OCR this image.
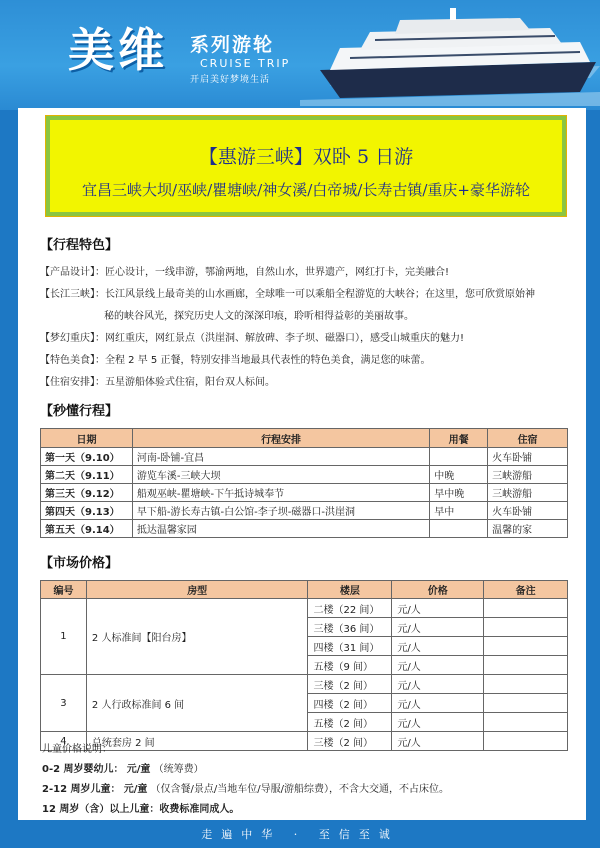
美维 系列游轮
CRUISE TRIP
开启美好梦境生活
【惠游三峡】双卧 5 日游
宜昌三峡大坝/巫峡/瞿塘峡/神女溪/白帝城/长寿古镇/重庆+豪华游轮
【行程特色】
【产品设计】： 匠心设计，一线串游，鄂渝两地，自然山水，世界遗产，网红打卡，完美融合!
【长江三峡】： 长江风景线上最奇美的山水画廊，全球唯一可以乘船全程游览的大峡谷；在这里，您可欣赏原始神
秘的峡谷风光，探究历史人文的深深印痕，聆听相得益彰的美丽故事。
【梦幻重庆】： 网红重庆，网红景点（洪崖洞、解放碑、李子坝、磁器口），感受山城重庆的魅力!
【特色美食】： 全程 2 早 5 正餐，特别安排当地最具代表性的特色美食，满足您的味蕾。
【住宿安排】： 五星游船体验式住宿，阳台双人标间。
【秒懂行程】
日期	行程安排	用餐	住宿
第一天（9.10）	河南-卧铺-宜昌		火车卧铺
第二天（9.11）	游览车溪-三峡大坝	中晚	三峡游船
第三天（9.12）	船观巫峡-瞿塘峡-下午抵诗城奉节	早中晚	三峡游船
第四天（9.13）	早下船-游长寿古镇-白公馆-李子坝-磁器口-洪崖洞	早中	火车卧铺
第五天（9.14）	抵达温馨家园		温馨的家
【市场价格】
编号	房型	楼层	价格	备注
1	2 人标准间【阳台房】	二楼（22 间）	元/人	
		三楼（36 间）	元/人	
		四楼（31 间）	元/人	
		五楼（9 间）	元/人	
3	2 人行政标准间 6 间	三楼（2 间）	元/人	
		四楼（2 间）	元/人	
		五楼（2 间）	元/人	
4	总统套房 2 间	三楼（2 间）	元/人	
儿童价格说明：
0-2 周岁婴幼儿： 元/童 （统筹费）
2-12 周岁儿童： 元/童 （仅含餐/景点/当地车位/导服/游船综费），不含大交通，不占床位。
12 周岁（含）以上儿童：收费标准同成人。
走遍中华 · 至信至诚
